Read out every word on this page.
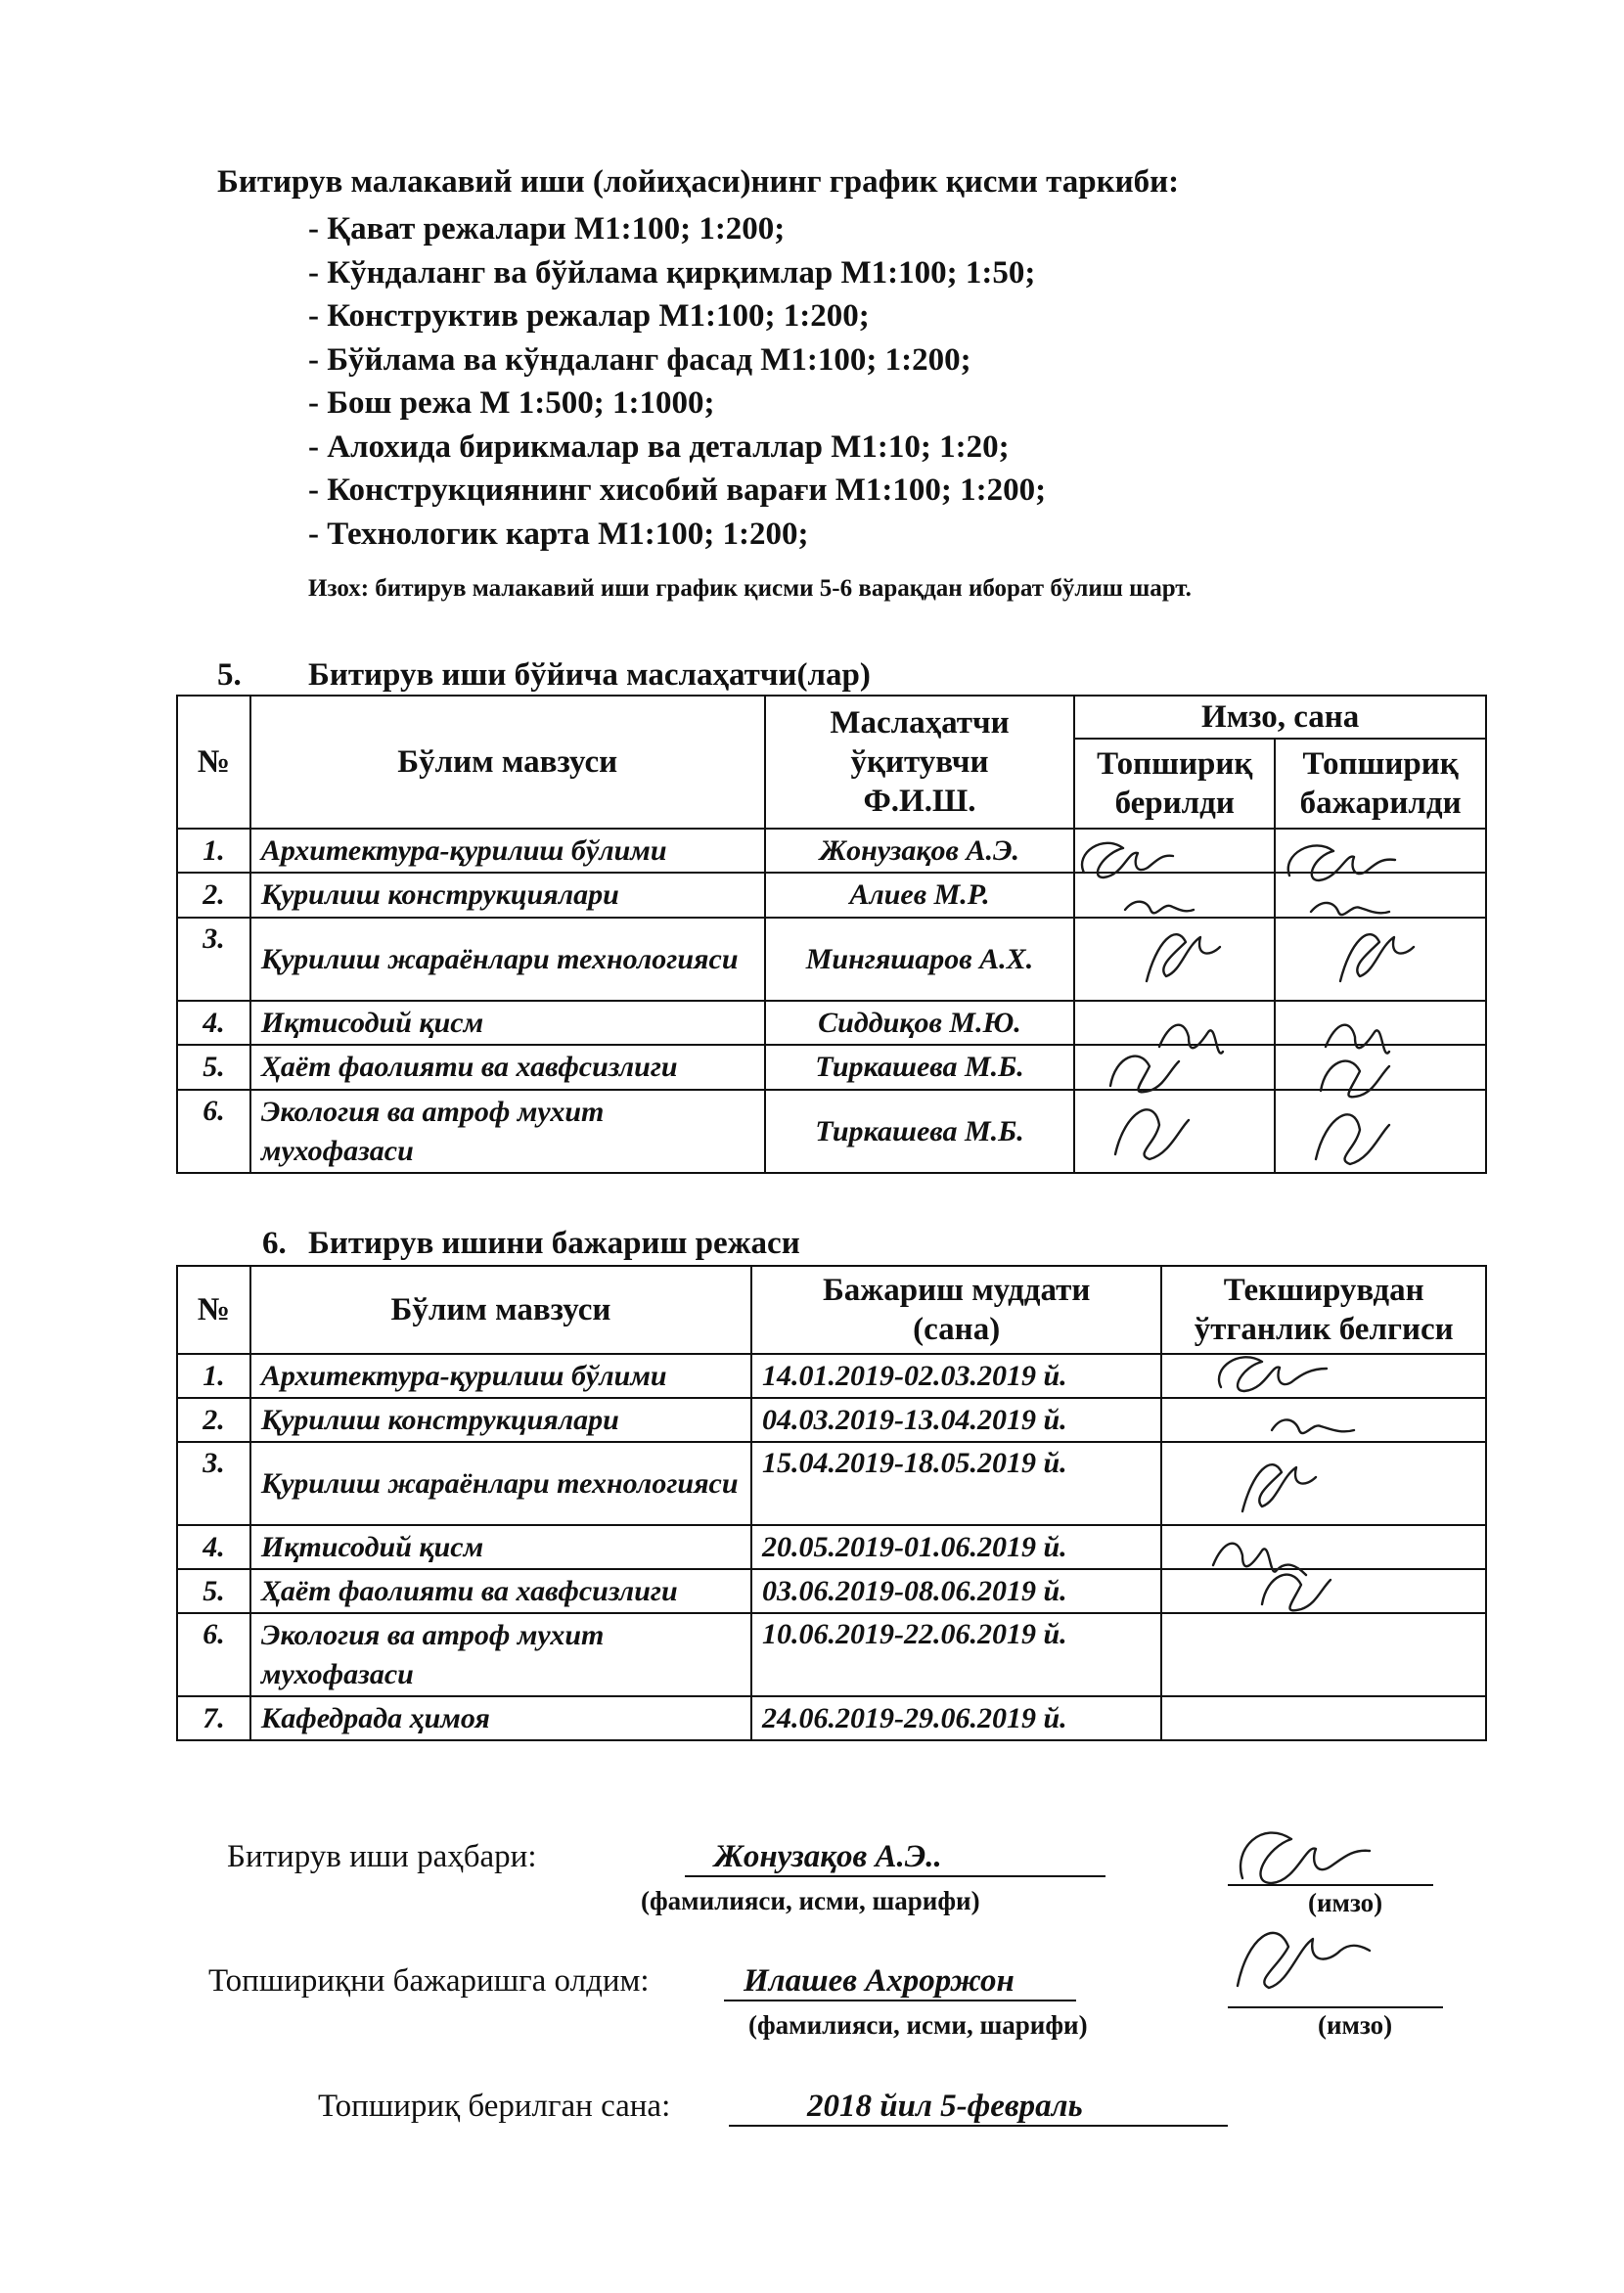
Битирув малакавий иши (лойиҳаси)нинг график қисми таркиби:
- Қават режалари М1:100; 1:200;
- Кўндаланг ва бўйлама қирқимлар М1:100; 1:50;
- Конструктив режалар М1:100; 1:200;
- Бўйлама ва кўндаланг фасад М1:100; 1:200;
- Бош режа М 1:500; 1:1000;
- Алохида бирикмалар ва деталлар М1:10; 1:20;
- Конструкциянинг хисобий варағи М1:100; 1:200;
- Технологик карта М1:100; 1:200;
Изох: битирув малакавий иши график қисми 5-6 варақдан иборат бўлиш шарт.
5. Битирув иши бўйича маслаҳатчи(лар)
№	Бўлим мавзуси	Маслаҳатчи ўқитувчи Ф.И.Ш.	Имзо, сана	
			Топшириқ берилди	Топшириқ бажарилди
1.	Архитектура-қурилиш бўлими	Жонузақов А.Э.		
2.	Қурилиш конструкциялари	Алиев М.Р.		
3.	Қурилиш жараёнлари технологияси	Мингяшаров А.Х.		
4.	Иқтисодий қисм	Сиддиқов М.Ю.		
5.	Ҳаёт фаолияти ва хавфсизлиги	Тиркашева М.Б.		
6.	Экология ва атроф мухит мухофазаси	Тиркашева М.Б.		
6. Битирув ишини бажариш режаси
№	Бўлим мавзуси	Бажариш муддати (сана)	Текширувдан ўтганлик белгиси
1.	Архитектура-қурилиш бўлими	14.01.2019-02.03.2019 й.	
2.	Қурилиш конструкциялари	04.03.2019-13.04.2019 й.	
3.	Қурилиш жараёнлари технологияси	15.04.2019-18.05.2019 й.	
4.	Иқтисодий қисм	20.05.2019-01.06.2019 й.	
5.	Ҳаёт фаолияти ва хавфсизлиги	03.06.2019-08.06.2019 й.	
6.	Экология ва атроф мухит мухофазаси	10.06.2019-22.06.2019 й.	
7.	Кафедрада ҳимоя	24.06.2019-29.06.2019 й.	
Битирув иши раҳбари:	Жонузақов А.Э..
(фамилияси, исми, шарифи)	(имзо)
Топшириқни бажаришга олдим:	Илашев Ахрoржон
(фамилияси, исми, шарифи)	(имзо)
Топшириқ берилган сана:	2018 йил 5-феврaль
